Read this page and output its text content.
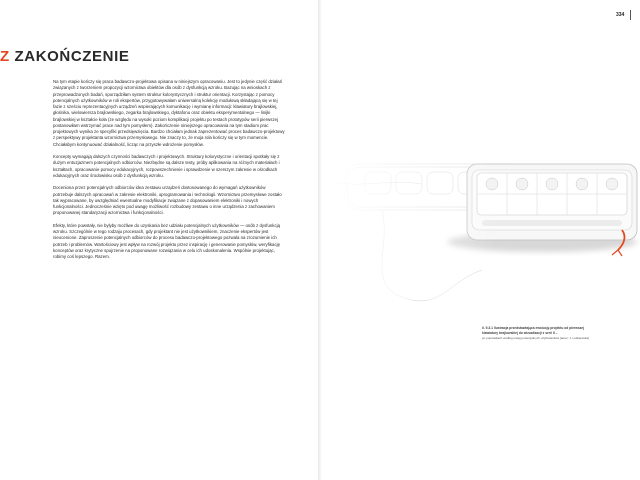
Z ZAKOŃCZENIE

Na tym etapie kończy się praca badawczo-projektowa opisana w niniejszym opracowaniu. Jest to jedynie część działań związanych z tworzeniem propozycji wzornictwa obiektów dla osób z dysfunkcją wzroku. Bazując na wnioskach z przeprowadzonych badań, sporządziłam system struktur kolorystycznych i struktur orientacji. Korzystając z pomocy potencjalnych użytkowników w roli ekspertów, przygotowywałam uniwersalną kolekcję modułową składającą się w tej fazie z sześciu reprezentacyjnych urządzeń wspierających komunikację i wymianę informacji: klawiatury brajlowskiej, głośnika, wielowiersza brajlowskiego, zegarka brajlowskiego, dyktafonu oraz obiektu eksperymentalnego — linijki brajlowskiej w kształcie koła (ze względu na wysoki poziom komplikacji projektu po testach prototypów serii pierwszej postanowiłam wstrzymać prace nad tym pomysłem). Zakończenie niniejszego opracowania na tym stadium prac projektowych wynika ze specyfiki przedsięwzięcia. Bardzo chciałam jednak zaprezentować proces badawczo-projektowy z perspektywy projektanta wzornictwa przemysłowego. Nie znaczy to, że moja rola kończy się w tym momencie. Chciałabym kontynuować działalność, licząc na przyszłe wdrożenie pomysłów.

Koncepty wymagają dalszych czynności badawczych i projektowych. Struktury kolorystyczne i orientacji spotkały się z dużym entuzjazmem potencjalnych odbiorców. Niezbędne są dalsze testy, próby aplikowania na różnych materiałach i kształtach, opracowanie pomocy edukacyjnych, rozpowszechnienie i sprawdzenie w szerszym zakresie w ośrodkach edukacyjnych oraz środowisku osób z dysfunkcją wzroku.

Doceniona przez potencjalnych odbiorców idea zestawu urządzeń dostosowanego do wymagań użytkowników potrzebuje dalszych opracowań w zakresie elektroniki, oprogramowania i technologii. Wzornictwo przemysłowe zostało tak wypracowane, by uwzględniać ewentualne modyfikacje związane z dopasowaniem elektroniki i nowych funkcjonalności. Jednocześnie wzięto pod uwagę możliwość rozbudowy zestawu o inne urządzenia z zachowaniem proponowanej standaryzacji wzornictwa i funkcjonalności.

Efekty, które powstały, nie byłyby możliwe do uzyskania bez udziału potencjalnych użytkowników — osób z dysfunkcją wzroku. Szczególnie w tego rodzaju procesach, gdy projektant nie jest użytkownikiem, znaczenie ekspertów jest nieocenione. Zaproszenie potencjalnych odbiorców do procesu badawczo-projektowego pozwala na zrozumienie ich potrzeb i problemów. Wartościowy jest wpływ na rozwój projektu przez inspirację i generowanie pomysłów, weryfikację konceptów oraz krytyczne spojrzenie na proponowane rozwiązania w celu ich udoskonalenia. Wspólnie projektując, robimy coś lepszego. Razem.

334
il. 9.3.1 Ilustracja przedstawiająca ewolucję projektu od pierwszej
klawiatury brajlowskiej do wizualizacji z serii II –
po poprawkach według uwag potencjalnych użytkowników [autor: J. Leśkiewska]
